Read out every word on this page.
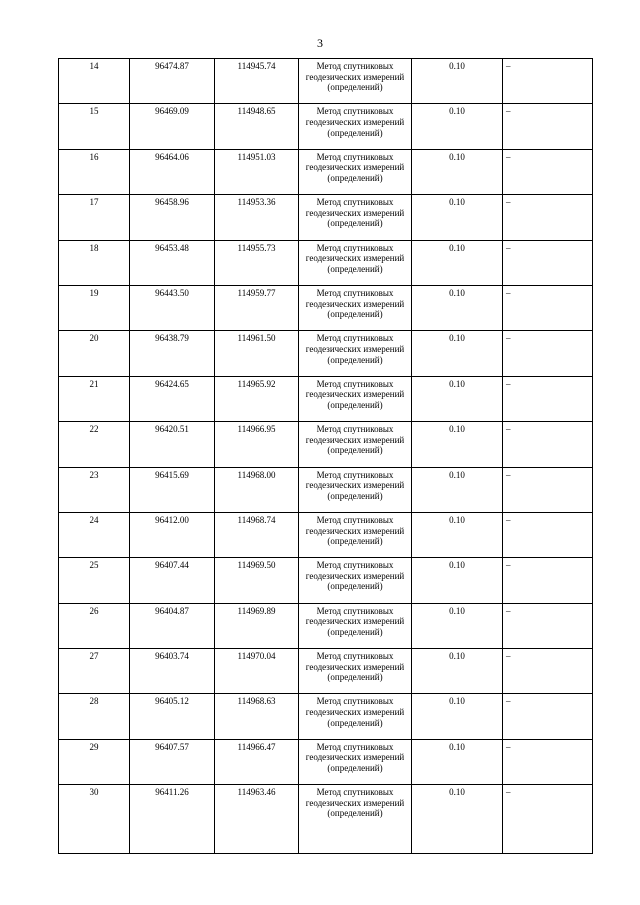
3
14	96474.87	114945.74	Метод спутниковых геодезических измерений (определений)	0.10	–
15	96469.09	114948.65	Метод спутниковых геодезических измерений (определений)	0.10	–
16	96464.06	114951.03	Метод спутниковых геодезических измерений (определений)	0.10	–
17	96458.96	114953.36	Метод спутниковых геодезических измерений (определений)	0.10	–
18	96453.48	114955.73	Метод спутниковых геодезических измерений (определений)	0.10	–
19	96443.50	114959.77	Метод спутниковых геодезических измерений (определений)	0.10	–
20	96438.79	114961.50	Метод спутниковых геодезических измерений (определений)	0.10	–
21	96424.65	114965.92	Метод спутниковых геодезических измерений (определений)	0.10	–
22	96420.51	114966.95	Метод спутниковых геодезических измерений (определений)	0.10	–
23	96415.69	114968.00	Метод спутниковых геодезических измерений (определений)	0.10	–
24	96412.00	114968.74	Метод спутниковых геодезических измерений (определений)	0.10	–
25	96407.44	114969.50	Метод спутниковых геодезических измерений (определений)	0.10	–
26	96404.87	114969.89	Метод спутниковых геодезических измерений (определений)	0.10	–
27	96403.74	114970.04	Метод спутниковых геодезических измерений (определений)	0.10	–
28	96405.12	114968.63	Метод спутниковых геодезических измерений (определений)	0.10	–
29	96407.57	114966.47	Метод спутниковых геодезических измерений (определений)	0.10	–
30	96411.26	114963.46	Метод спутниковых геодезических измерений (определений)	0.10	–
